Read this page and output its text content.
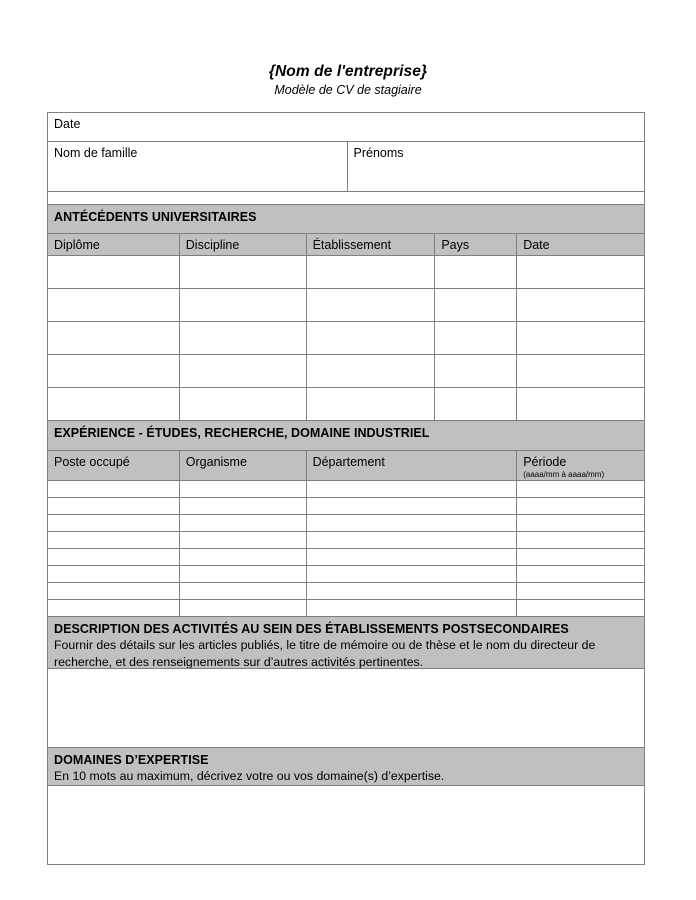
{Nom de l'entreprise}
Modèle de CV de stagiaire
Date
Nom de famille	Prénoms
ANTÉCÉDENTS UNIVERSITAIRES
Diplôme	Discipline	Établissement	Pays	Date
EXPÉRIENCE - ÉTUDES, RECHERCHE, DOMAINE INDUSTRIEL
Poste occupé	Organisme	Département	Période
(aaaa/mm à aaaa/mm)
DESCRIPTION DES ACTIVITÉS AU SEIN DES ÉTABLISSEMENTS POSTSECONDAIRES
Fournir des détails sur les articles publiés, le titre de mémoire ou de thèse et le nom du directeur de recherche, et des renseignements sur d’autres activités pertinentes.
DOMAINES D’EXPERTISE
En 10 mots au maximum, décrivez votre ou vos domaine(s) d’expertise.
